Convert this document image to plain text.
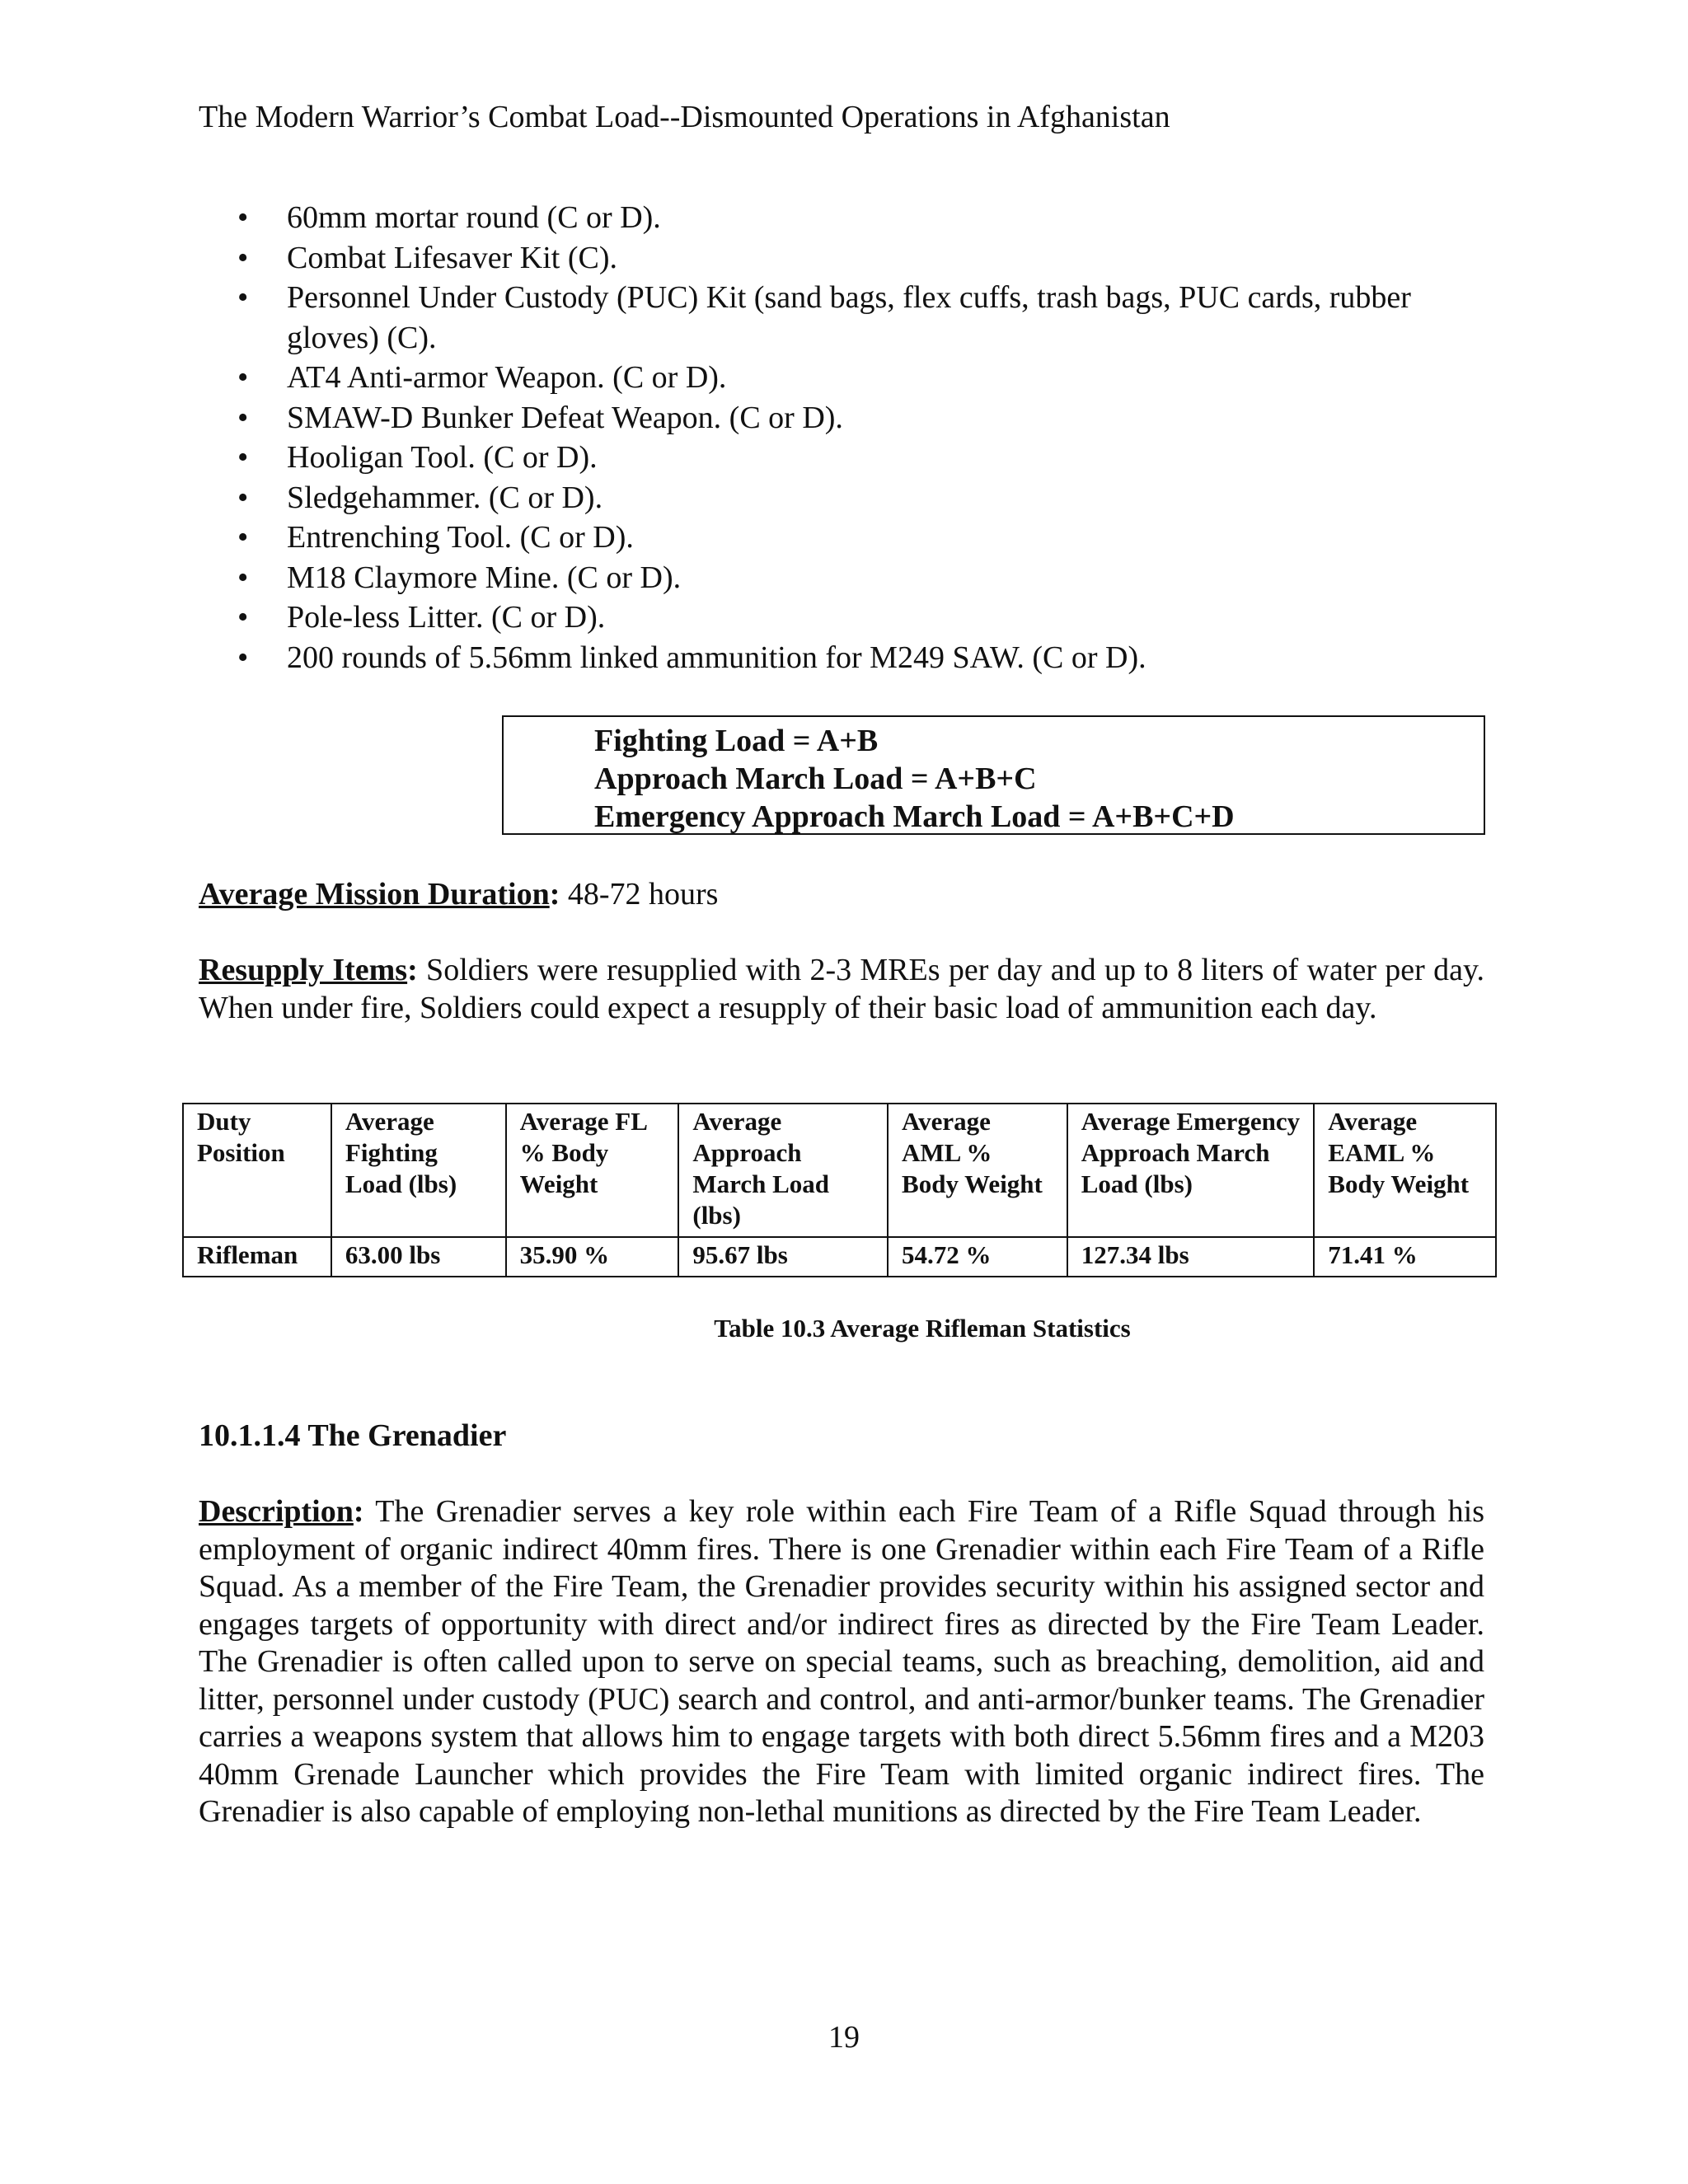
The Modern Warrior’s Combat Load--Dismounted Operations in Afghanistan
• 60mm mortar round (C or D).
• Combat Lifesaver Kit (C).
• Personnel Under Custody (PUC) Kit (sand bags, flex cuffs, trash bags, PUC cards, rubber gloves) (C).
• AT4 Anti-armor Weapon. (C or D).
• SMAW-D Bunker Defeat Weapon. (C or D).
• Hooligan Tool. (C or D).
• Sledgehammer. (C or D).
• Entrenching Tool. (C or D).
• M18 Claymore Mine. (C or D).
• Pole-less Litter. (C or D).
• 200 rounds of 5.56mm linked ammunition for M249 SAW. (C or D).
Fighting Load = A+B
Approach March Load = A+B+C
Emergency Approach March Load = A+B+C+D

Average Mission Duration: 48-72 hours

Resupply Items: Soldiers were resupplied with 2-3 MREs per day and up to 8 liters of water per day. When under fire, Soldiers could expect a resupply of their basic load of ammunition each day.

Duty Position	Average Fighting Load (lbs)	Average FL % Body Weight	Average Approach March Load (lbs)	Average AML % Body Weight	Average Emergency Approach March Load (lbs)	Average EAML % Body Weight
Rifleman	63.00 lbs	35.90 %	95.67 lbs	54.72 %	127.34 lbs	71.41 %
Table 10.3 Average Rifleman Statistics
10.1.1.4 The Grenadier

Description: The Grenadier serves a key role within each Fire Team of a Rifle Squad through his employment of organic indirect 40mm fires. There is one Grenadier within each Fire Team of a Rifle Squad. As a member of the Fire Team, the Grenadier provides security within his assigned sector and engages targets of opportunity with direct and/or indirect fires as directed by the Fire Team Leader. The Grenadier is often called upon to serve on special teams, such as breaching, demolition, aid and litter, personnel under custody (PUC) search and control, and anti-armor/bunker teams. The Grenadier carries a weapons system that allows him to engage targets with both direct 5.56mm fires and a M203 40mm Grenade Launcher which provides the Fire Team with limited organic indirect fires. The Grenadier is also capable of employing non-lethal munitions as directed by the Fire Team Leader.

19
